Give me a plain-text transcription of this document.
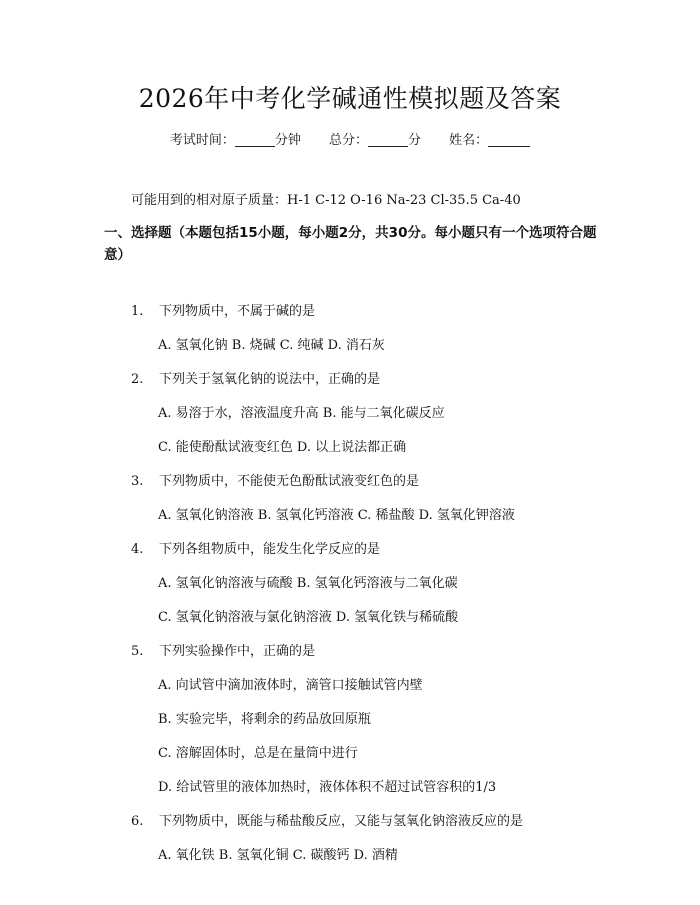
2026年中考化学碱通性模拟题及答案
考试时间：	分钟 总分：	分 姓名：
可能用到的相对原子质量：H-1 C-12 O-16 Na-23 Cl-35.5 Ca-40
一、选择题（本题包括15小题，每小题2分，共30分。每小题只有一个选项符合题意）
1. 下列物质中，不属于碱的是
A. 氢氧化钠 B. 烧碱 C. 纯碱 D. 消石灰
2. 下列关于氢氧化钠的说法中，正确的是
A. 易溶于水，溶液温度升高 B. 能与二氧化碳反应
C. 能使酚酞试液变红色 D. 以上说法都正确
3. 下列物质中，不能使无色酚酞试液变红色的是
A. 氢氧化钠溶液 B. 氢氧化钙溶液 C. 稀盐酸 D. 氢氧化钾溶液
4. 下列各组物质中，能发生化学反应的是
A. 氢氧化钠溶液与硫酸 B. 氢氧化钙溶液与二氧化碳
C. 氢氧化钠溶液与氯化钠溶液 D. 氢氧化铁与稀硫酸
5. 下列实验操作中，正确的是
A. 向试管中滴加液体时，滴管口接触试管内壁
B. 实验完毕，将剩余的药品放回原瓶
C. 溶解固体时，总是在量筒中进行
D. 给试管里的液体加热时，液体体积不超过试管容积的1/3
6. 下列物质中，既能与稀盐酸反应，又能与氢氧化钠溶液反应的是
A. 氧化铁 B. 氢氧化铜 C. 碳酸钙 D. 酒精
